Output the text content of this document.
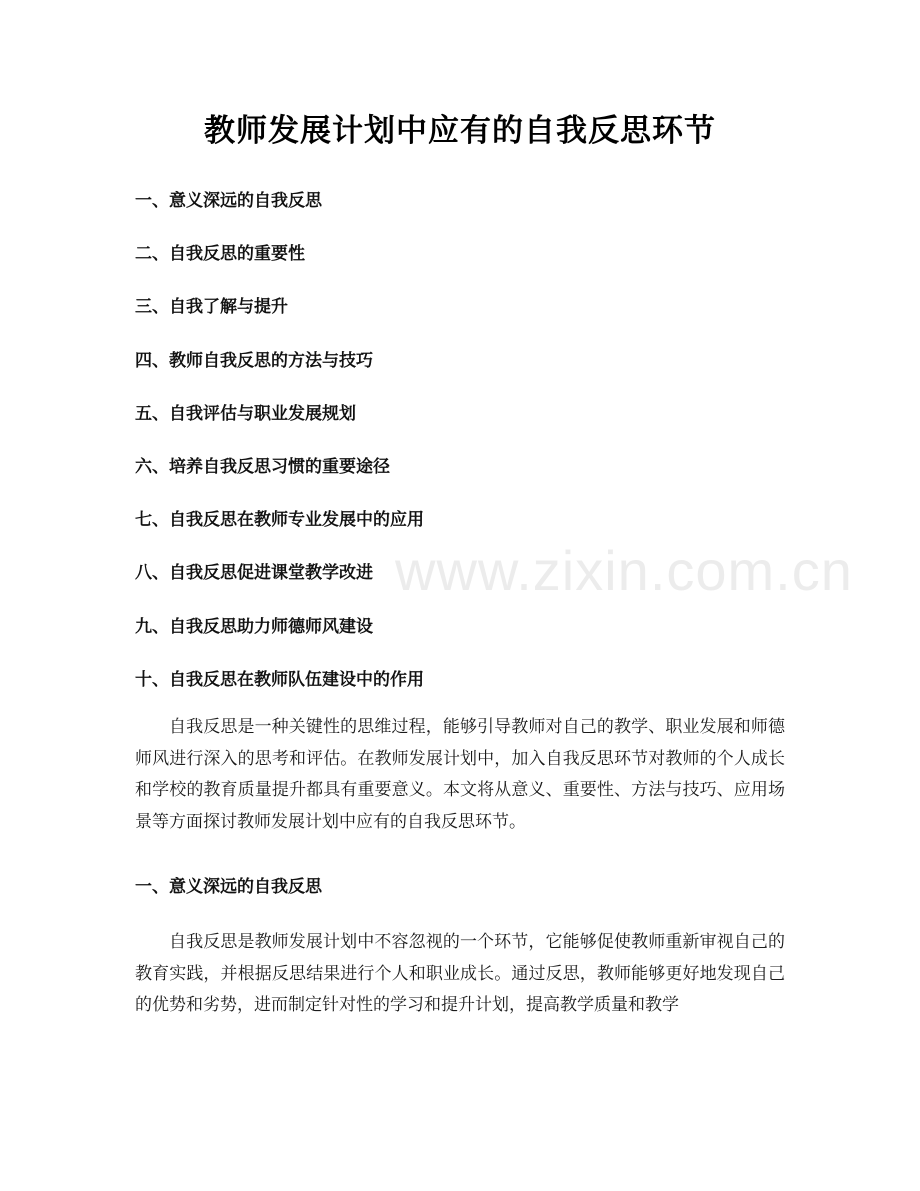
教师发展计划中应有的自我反思环节
一、意义深远的自我反思
二、自我反思的重要性
三、自我了解与提升
四、教师自我反思的方法与技巧
五、自我评估与职业发展规划
六、培养自我反思习惯的重要途径
七、自我反思在教师专业发展中的应用
八、自我反思促进课堂教学改进
九、自我反思助力师德师风建设
十、自我反思在教师队伍建设中的作用

自我反思是一种关键性的思维过程，能够引导教师对自己的教学、职业发展和师德师风进行深入的思考和评估。在教师发展计划中，加入自我反思环节对教师的个人成长和学校的教育质量提升都具有重要意义。本文将从意义、重要性、方法与技巧、应用场景等方面探讨教师发展计划中应有的自我反思环节。

一、意义深远的自我反思

自我反思是教师发展计划中不容忽视的一个环节，它能够促使教师重新审视自己的教育实践，并根据反思结果进行个人和职业成长。通过反思，教师能够更好地发现自己的优势和劣势，进而制定针对性的学习和提升计划，提高教学质量和教学

www.zixin.com.cn
